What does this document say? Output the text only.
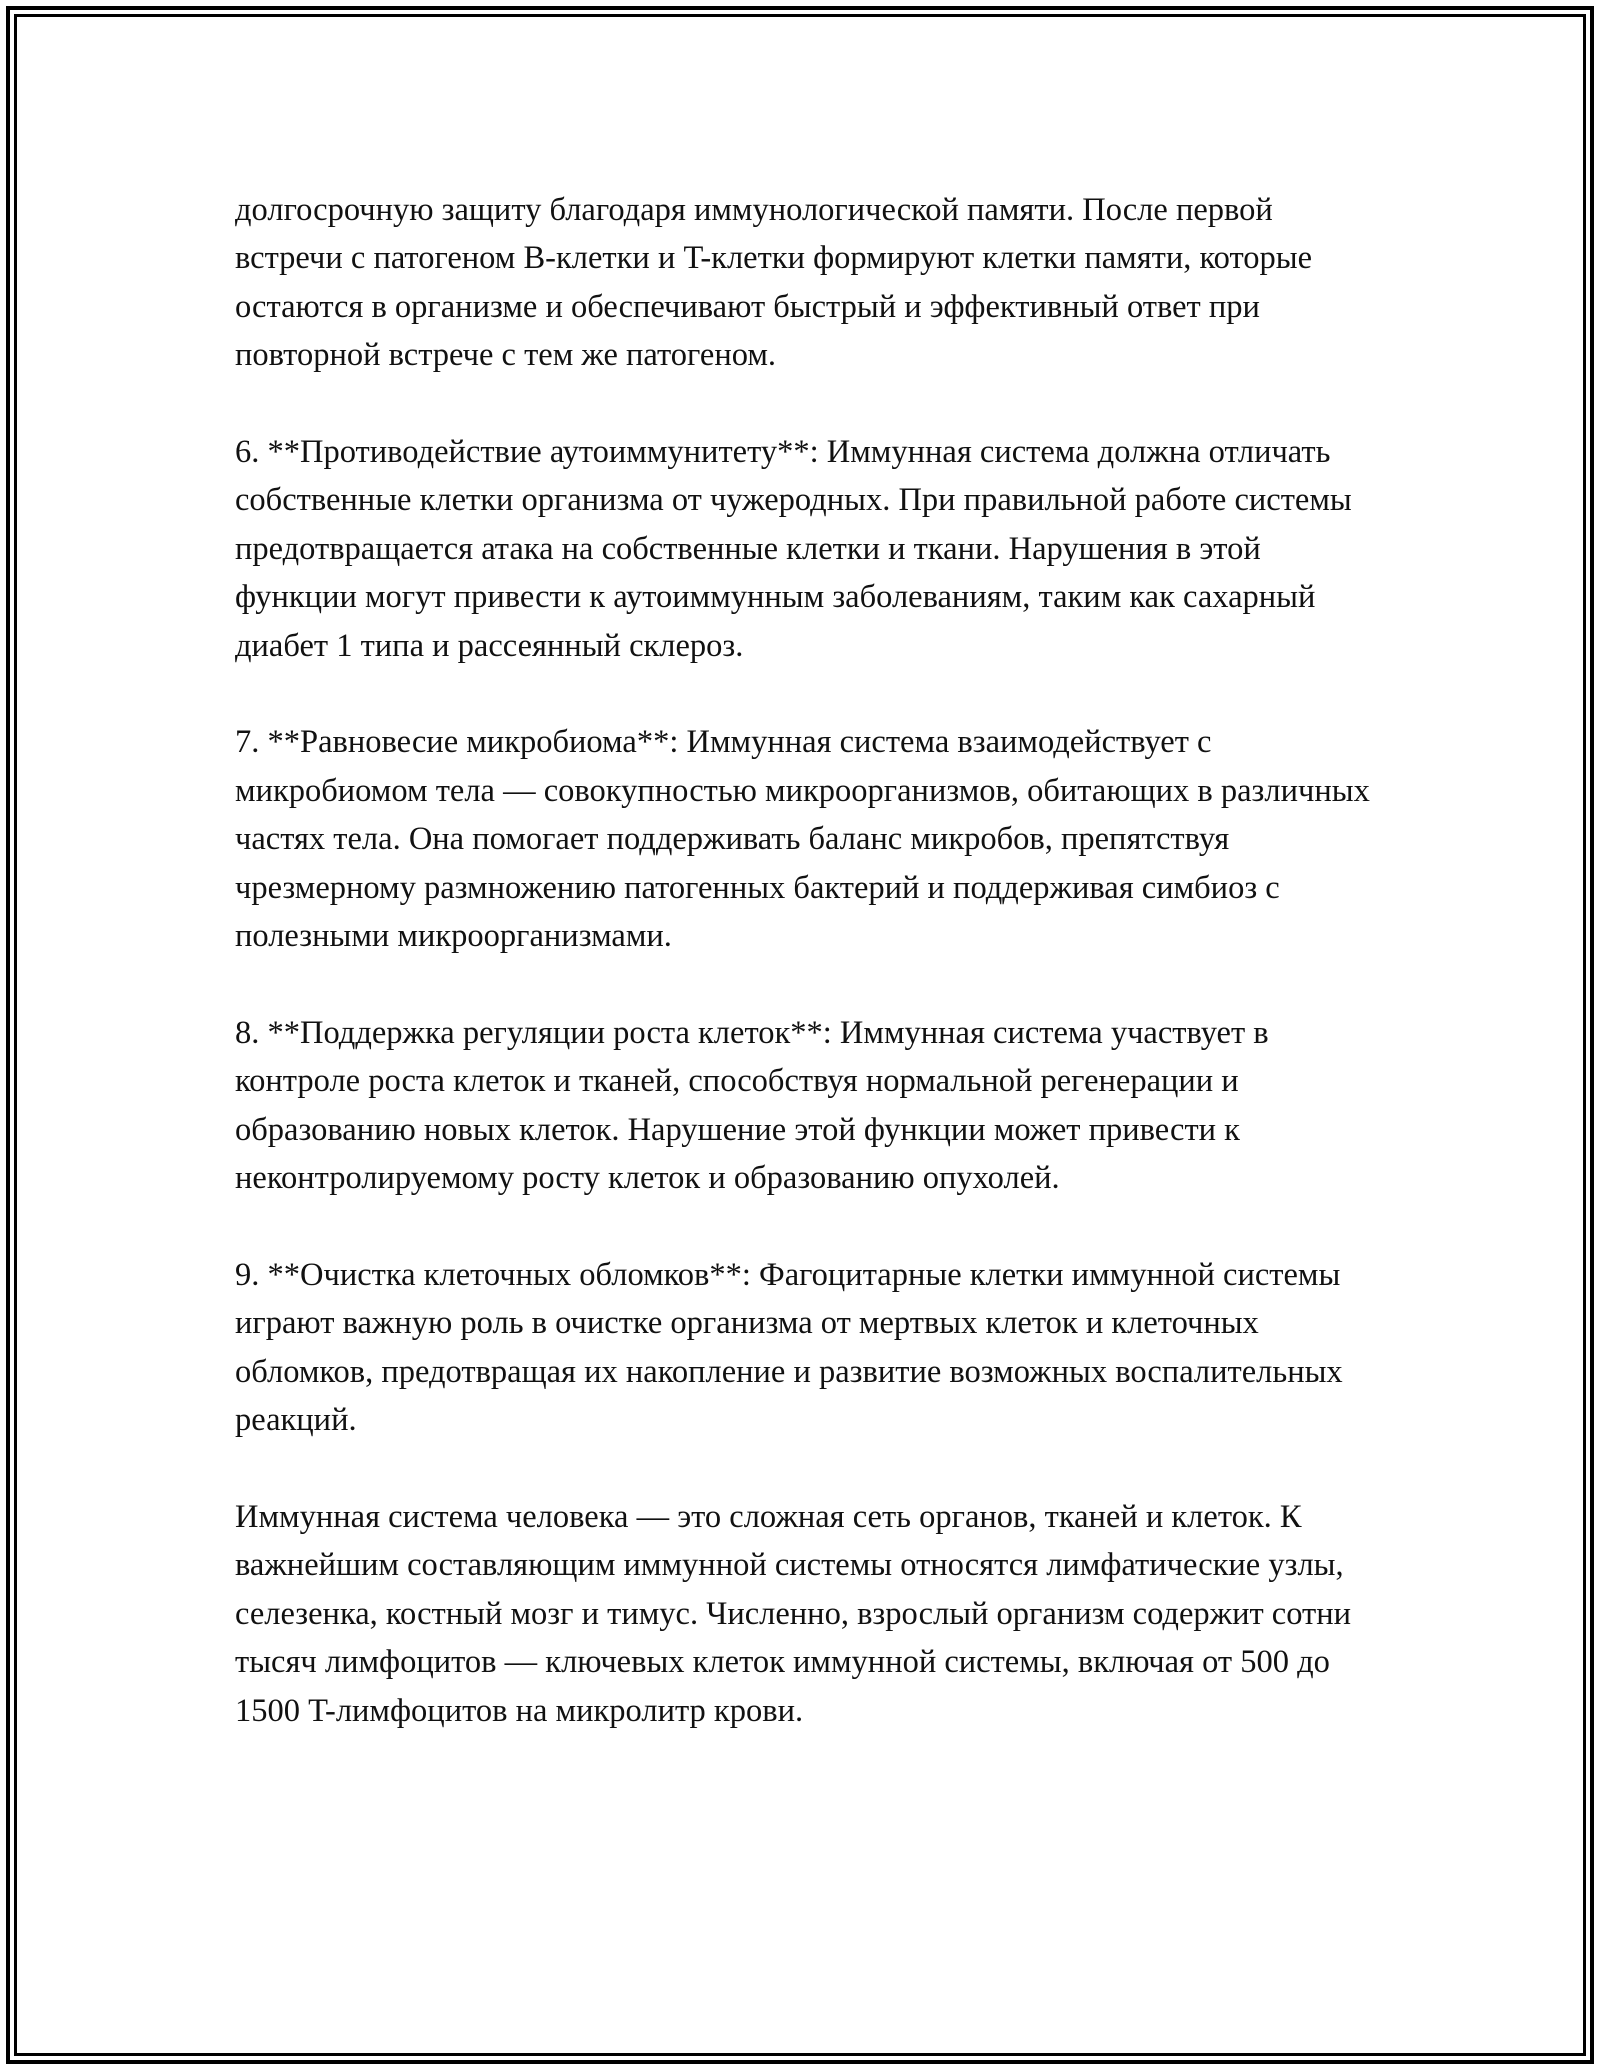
долгосрочную защиту благодаря иммунологической памяти. После первой встречи с патогеном B-клетки и T-клетки формируют клетки памяти, которые остаются в организме и обеспечивают быстрый и эффективный ответ при повторной встрече с тем же патогеном.

6. **Противодействие аутоиммунитету**: Иммунная система должна отличать собственные клетки организма от чужеродных. При правильной работе системы предотвращается атака на собственные клетки и ткани. Нарушения в этой функции могут привести к аутоиммунным заболеваниям, таким как сахарный диабет 1 типа и рассеянный склероз.

7. **Равновесие микробиома**: Иммунная система взаимодействует с микробиомом тела — совокупностью микроорганизмов, обитающих в различных частях тела. Она помогает поддерживать баланс микробов, препятствуя чрезмерному размножению патогенных бактерий и поддерживая симбиоз с полезными микроорганизмами.

8. **Поддержка регуляции роста клеток**: Иммунная система участвует в контроле роста клеток и тканей, способствуя нормальной регенерации и образованию новых клеток. Нарушение этой функции может привести к неконтролируемому росту клеток и образованию опухолей.

9. **Очистка клеточных обломков**: Фагоцитарные клетки иммунной системы играют важную роль в очистке организма от мертвых клеток и клеточных обломков, предотвращая их накопление и развитие возможных воспалительных реакций.

Иммунная система человека — это сложная сеть органов, тканей и клеток. К важнейшим составляющим иммунной системы относятся лимфатические узлы, селезенка, костный мозг и тимус. Численно, взрослый организм содержит сотни тысяч лимфоцитов — ключевых клеток иммунной системы, включая от 500 до 1500 T-лимфоцитов на микролитр крови.
